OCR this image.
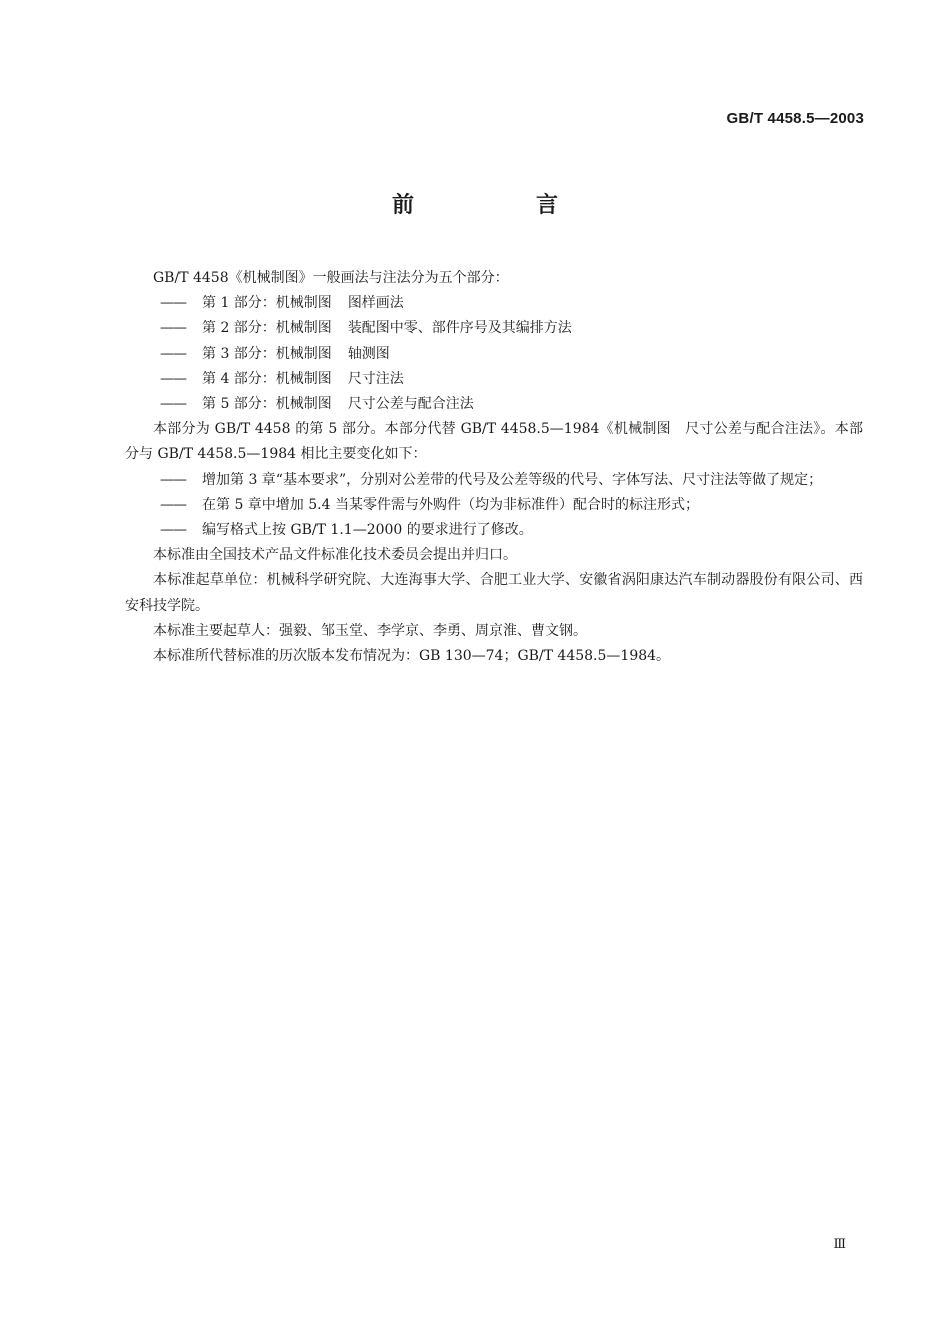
GB/T 4458.5—2003
前　言

GB/T 4458《机械制图》一般画法与注法分为五个部分：

—— 第 1 部分：机械制图 图样画法

—— 第 2 部分：机械制图 装配图中零、部件序号及其编排方法

—— 第 3 部分：机械制图 轴测图

—— 第 4 部分：机械制图 尺寸注法

—— 第 5 部分：机械制图 尺寸公差与配合注法

本部分为 GB/T 4458 的第 5 部分。本部分代替 GB/T 4458.5—1984《机械制图　尺寸公差与配合注法》。本部分与 GB/T 4458.5—1984 相比主要变化如下：

—— 增加第 3 章“基本要求”，分别对公差带的代号及公差等级的代号、字体写法、尺寸注法等做了规定；

—— 在第 5 章中增加 5.4 当某零件需与外购件（均为非标准件）配合时的标注形式；

—— 编写格式上按 GB/T 1.1—2000 的要求进行了修改。

本标准由全国技术产品文件标准化技术委员会提出并归口。

本标准起草单位：机械科学研究院、大连海事大学、合肥工业大学、安徽省涡阳康达汽车制动器股份有限公司、西安科技学院。

本标准主要起草人：强毅、邹玉堂、李学京、李勇、周京淮、曹文钢。

本标准所代替标准的历次版本发布情况为：GB 130—74；GB/T 4458.5—1984。

Ⅲ
